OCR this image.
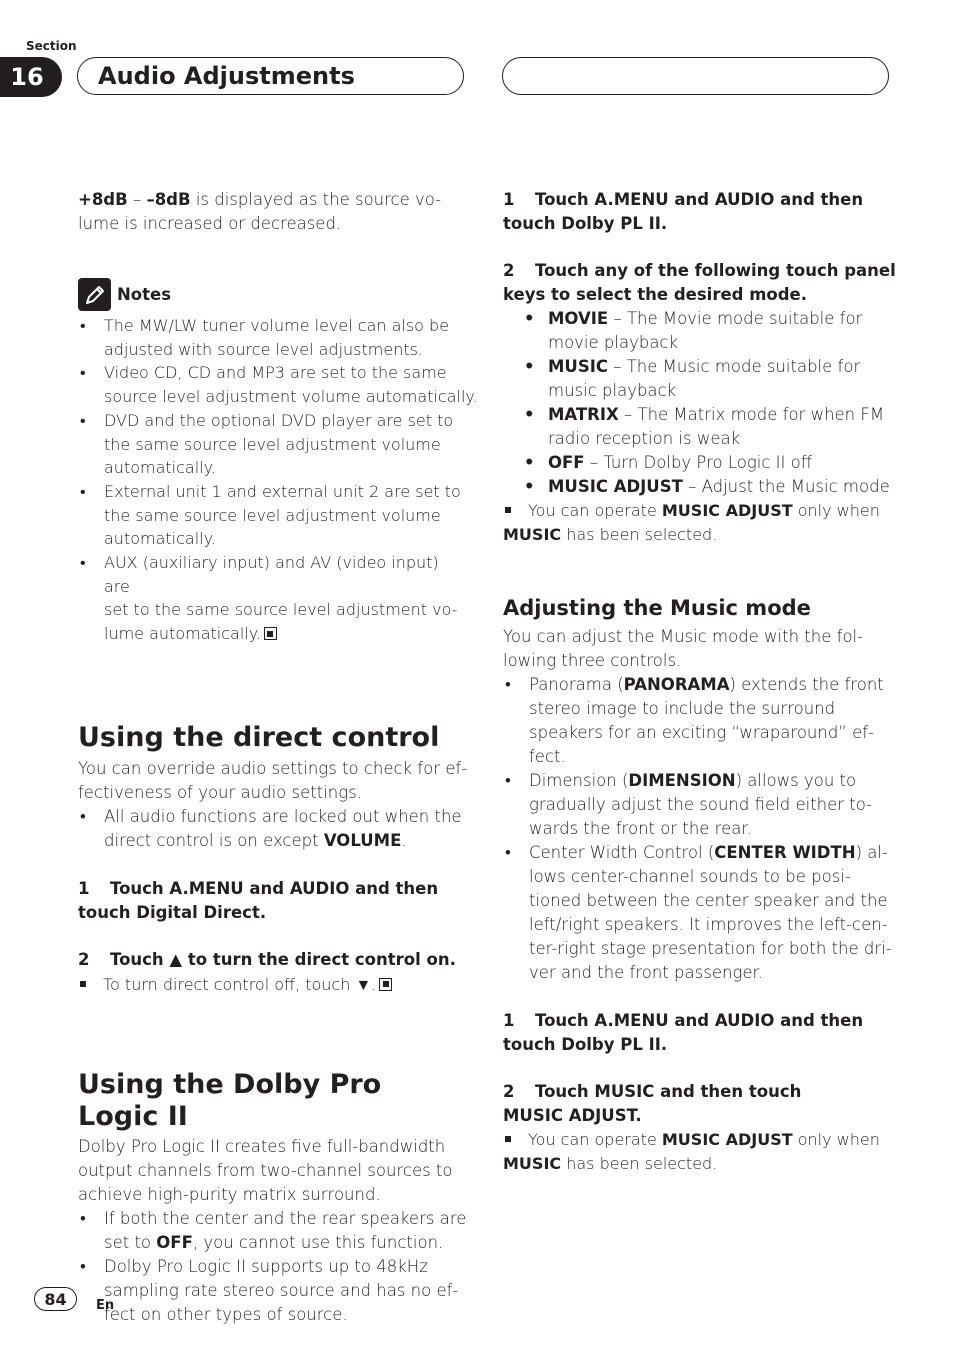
Section
16	Audio Adjustments

+8dB – –8dB is displayed as the source vo-
lume is increased or decreased.

Notes
• The MW/LW tuner volume level can also be
adjusted with source level adjustments.
• Video CD, CD and MP3 are set to the same
source level adjustment volume automatically.
• DVD and the optional DVD player are set to
the same source level adjustment volume
automatically.
• External unit 1 and external unit 2 are set to
the same source level adjustment volume
automatically.
• AUX (auxiliary input) and AV (video input) are
set to the same source level adjustment vo-
lume automatically.
Using the direct control

You can override audio settings to check for ef-
fectiveness of your audio settings.

• All audio functions are locked out when the
direct control is on except VOLUME.
1 Touch A.MENU and AUDIO and then
touch Digital Direct.
2 Touch ▲ to turn the direct control on.
To turn direct control off, touch ▼.
Using the Dolby Pro Logic II

Dolby Pro Logic II creates five full-bandwidth
output channels from two-channel sources to
achieve high-purity matrix surround.

• If both the center and the rear speakers are
set to OFF, you cannot use this function.
• Dolby Pro Logic II supports up to 48kHz
sampling rate stereo source and has no ef-
fect on other types of source.
1 Touch A.MENU and AUDIO and then
touch Dolby PL II.
2 Touch any of the following touch panel
keys to select the desired mode.
• MOVIE – The Movie mode suitable for
movie playback
• MUSIC – The Music mode suitable for
music playback
• MATRIX – The Matrix mode for when FM
radio reception is weak
• OFF – Turn Dolby Pro Logic II off
• MUSIC ADJUST – Adjust the Music mode
You can operate MUSIC ADJUST only when
MUSIC has been selected.
Adjusting the Music mode

You can adjust the Music mode with the fol-
lowing three controls.

• Panorama (PANORAMA) extends the front
stereo image to include the surround
speakers for an exciting “wraparound” ef-
fect.
• Dimension (DIMENSION) allows you to
gradually adjust the sound field either to-
wards the front or the rear.
• Center Width Control (CENTER WIDTH) al-
lows center-channel sounds to be posi-
tioned between the center speaker and the
left/right speakers. It improves the left-cen-
ter-right stage presentation for both the dri-
ver and the front passenger.
1 Touch A.MENU and AUDIO and then
touch Dolby PL II.
2 Touch MUSIC and then touch
MUSIC ADJUST.
You can operate MUSIC ADJUST only when
MUSIC has been selected.
84	En
